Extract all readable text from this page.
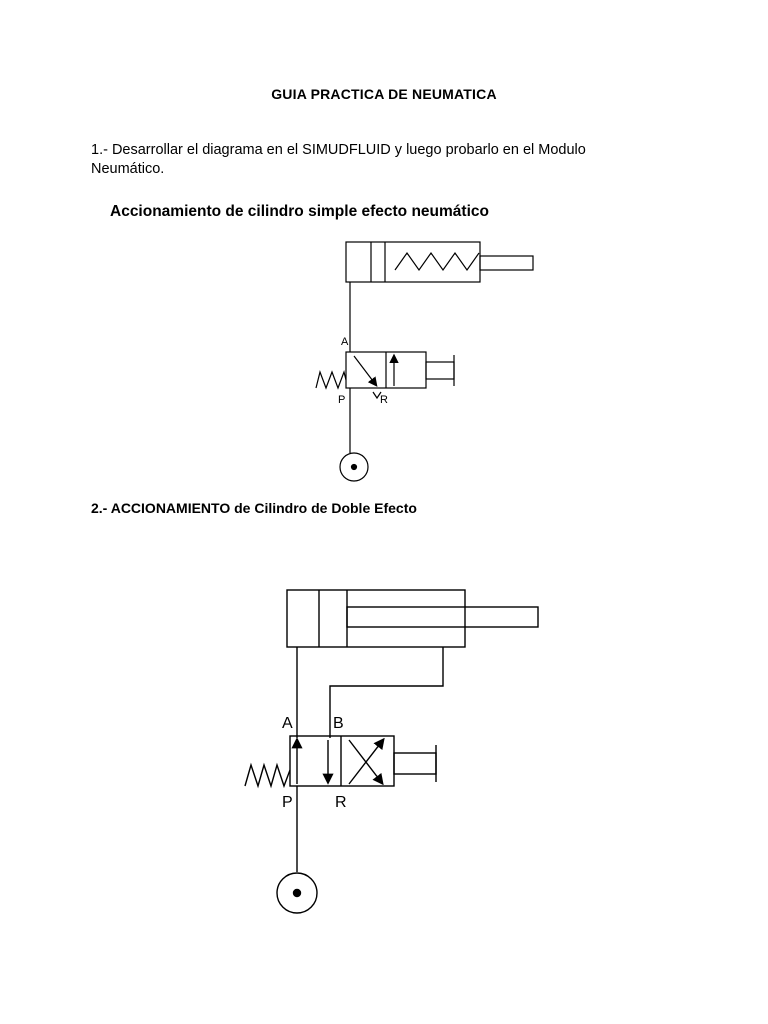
GUIA PRACTICA DE NEUMATICA
1.- Desarrollar el diagrama en el SIMUDFLUID y luego probarlo en el Modulo
Neumático.
Accionamiento de cilindro simple efecto neumático
2.- ACCIONAMIENTO de Cilindro de Doble Efecto
A
P	R
A	B
P	R
